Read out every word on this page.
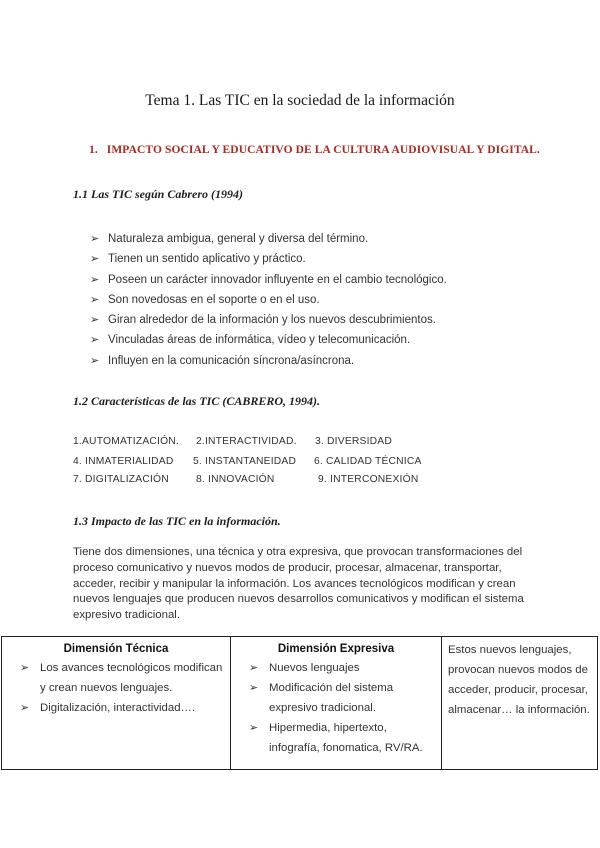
Tema 1. Las TIC en la sociedad de la información
1. IMPACTO SOCIAL Y EDUCATIVO DE LA CULTURA AUDIOVISUAL Y DIGITAL.
1.1 Las TIC según Cabrero (1994)
➢ Naturaleza ambigua, general y diversa del término.
➢ Tienen un sentido aplicativo y práctico.
➢ Poseen un carácter innovador influyente en el cambio tecnológico.
➢ Son novedosas en el soporte o en el uso.
➢ Giran alrededor de la información y los nuevos descubrimientos.
➢ Vinculadas áreas de informática, vídeo y telecomunicación.
➢ Influyen en la comunicación síncrona/asíncrona.
1.2 Características de las TIC (CABRERO, 1994).
1.AUTOMATIZACIÓN. 2.INTERACTIVIDAD. 3. DIVERSIDAD
4. INMATERIALIDAD 5. INSTANTANEIDAD 6. CALIDAD TÉCNICA
7. DIGITALIZACIÓN	8. INNOVACIÓN	9. INTERCONEXIÓN
1.3 Impacto de las TIC en la información.
Tiene dos dimensiones, una técnica y otra expresiva, que provocan transformaciones del proceso comunicativo y nuevos modos de producir, procesar, almacenar, transportar, acceder, recibir y manipular la información. Los avances tecnológicos modifican y crean nuevos lenguajes que producen nuevos desarrollos comunicativos y modifican el sistema expresivo tradicional.
Dimensión Técnica
➢ Los avances tecnológicos modifican y crean nuevos lenguajes.
➢ Digitalización, interactividad….

Dimensión Expresiva
➢ Nuevos lenguajes
➢ Modificación del sistema expresivo tradicional.
➢ Hipermedia, hipertexto, infografía, fonomatica, RV/RA.

Estos nuevos lenguajes, provocan nuevos modos de acceder, producir, procesar, almacenar… la información.
